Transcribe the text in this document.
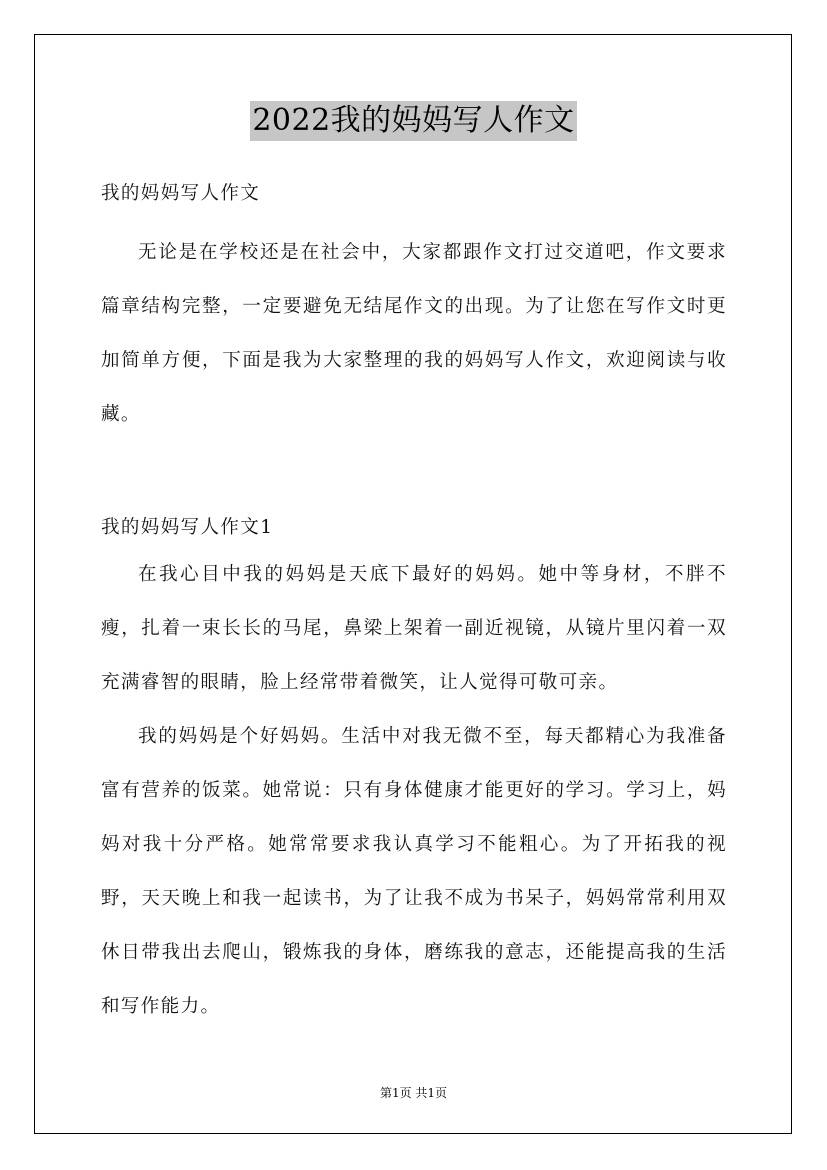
2022我的妈妈写人作文

我的妈妈写人作文

无论是在学校还是在社会中，大家都跟作文打过交道吧，作文要求篇章结构完整，一定要避免无结尾作文的出现。为了让您在写作文时更加简单方便，下面是我为大家整理的我的妈妈写人作文，欢迎阅读与收藏。

我的妈妈写人作文1

在我心目中我的妈妈是天底下最好的妈妈。她中等身材，不胖不瘦，扎着一束长长的马尾，鼻梁上架着一副近视镜，从镜片里闪着一双充满睿智的眼睛，脸上经常带着微笑，让人觉得可敬可亲。

我的妈妈是个好妈妈。生活中对我无微不至，每天都精心为我准备富有营养的饭菜。她常说：只有身体健康才能更好的学习。学习上，妈妈对我十分严格。她常常要求我认真学习不能粗心。为了开拓我的视野，天天晚上和我一起读书，为了让我不成为书呆子，妈妈常常利用双休日带我出去爬山，锻炼我的身体，磨练我的意志，还能提高我的生活和写作能力。

第1页 共1页
